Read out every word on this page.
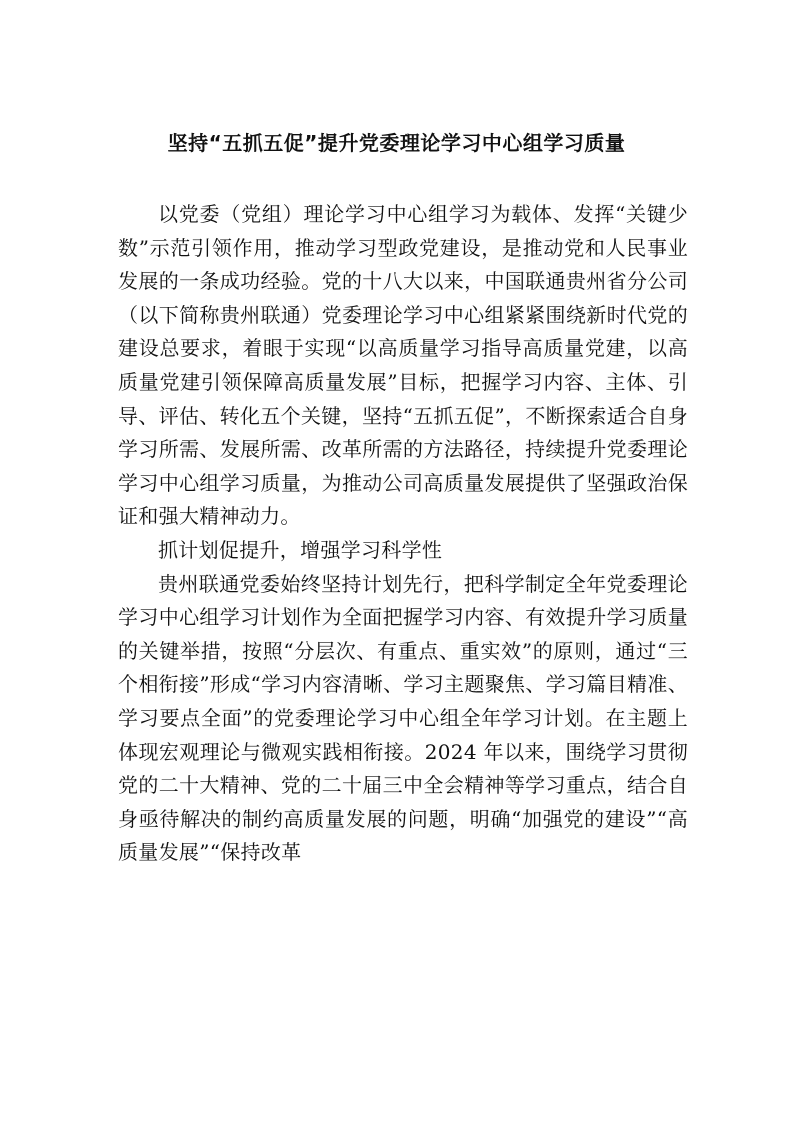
坚持“五抓五促”提升党委理论学习中心组学习质量

以党委（党组）理论学习中心组学习为载体、发挥“关键少数”示范引领作用，推动学习型政党建设，是推动党和人民事业发展的一条成功经验。党的十八大以来，中国联通贵州省分公司（以下简称贵州联通）党委理论学习中心组紧紧围绕新时代党的建设总要求，着眼于实现“以高质量学习指导高质量党建，以高质量党建引领保障高质量发展”目标，把握学习内容、主体、引导、评估、转化五个关键，坚持“五抓五促”，不断探索适合自身学习所需、发展所需、改革所需的方法路径，持续提升党委理论学习中心组学习质量，为推动公司高质量发展提供了坚强政治保证和强大精神动力。

抓计划促提升，增强学习科学性

贵州联通党委始终坚持计划先行，把科学制定全年党委理论学习中心组学习计划作为全面把握学习内容、有效提升学习质量的关键举措，按照“分层次、有重点、重实效”的原则，通过“三个相衔接”形成“学习内容清晰、学习主题聚焦、学习篇目精准、学习要点全面”的党委理论学习中心组全年学习计划。在主题上体现宏观理论与微观实践相衔接。2024 年以来，围绕学习贯彻党的二十大精神、党的二十届三中全会精神等学习重点，结合自身亟待解决的制约高质量发展的问题，明确“加强党的建设”“高质量发展”“保持改革
